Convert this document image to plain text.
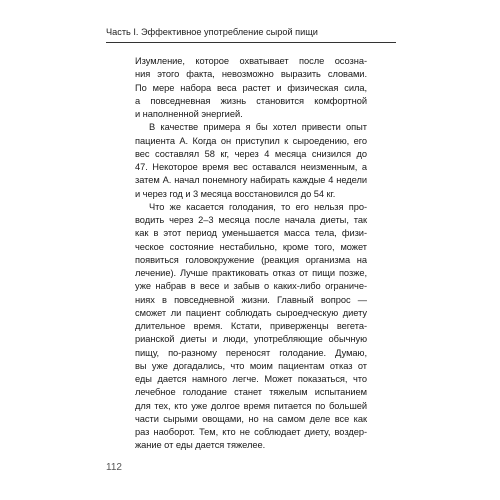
Часть I. Эффективное употребление сырой пищи
Изумление, которое охватывает после осозна-
ния этого факта, невозможно выразить словами.
По мере набора веса растет и физическая сила,
а повседневная жизнь становится комфортной
и наполненной энергией.
В качестве примера я бы хотел привести опыт
пациента А. Когда он приступил к сыроедению, его
вес составлял 58 кг, через 4 месяца снизился до
47. Некоторое время вес оставался неизменным, а
затем А. начал понемногу набирать каждые 4 недели
и через год и 3 месяца восстановился до 54 кг.
Что же касается голодания, то его нельзя про-
водить через 2–3 месяца после начала диеты, так
как в этот период уменьшается масса тела, физи-
ческое состояние нестабильно, кроме того, может
появиться головокружение (реакция организма на
лечение). Лучше практиковать отказ от пищи позже,
уже набрав в весе и забыв о каких-либо ограниче-
ниях в повседневной жизни. Главный вопрос —
сможет ли пациент соблюдать сыроедческую диету
длительное время. Кстати, приверженцы вегета-
рианской диеты и люди, употребляющие обычную
пищу, по-разному переносят голодание. Думаю,
вы уже догадались, что моим пациентам отказ от
еды дается намного легче. Может показаться, что
лечебное голодание станет тяжелым испытанием
для тех, кто уже долгое время питается по большей
части сырыми овощами, но на самом деле все как
раз наоборот. Тем, кто не соблюдает диету, воздер-
жание от еды дается тяжелее.
112
